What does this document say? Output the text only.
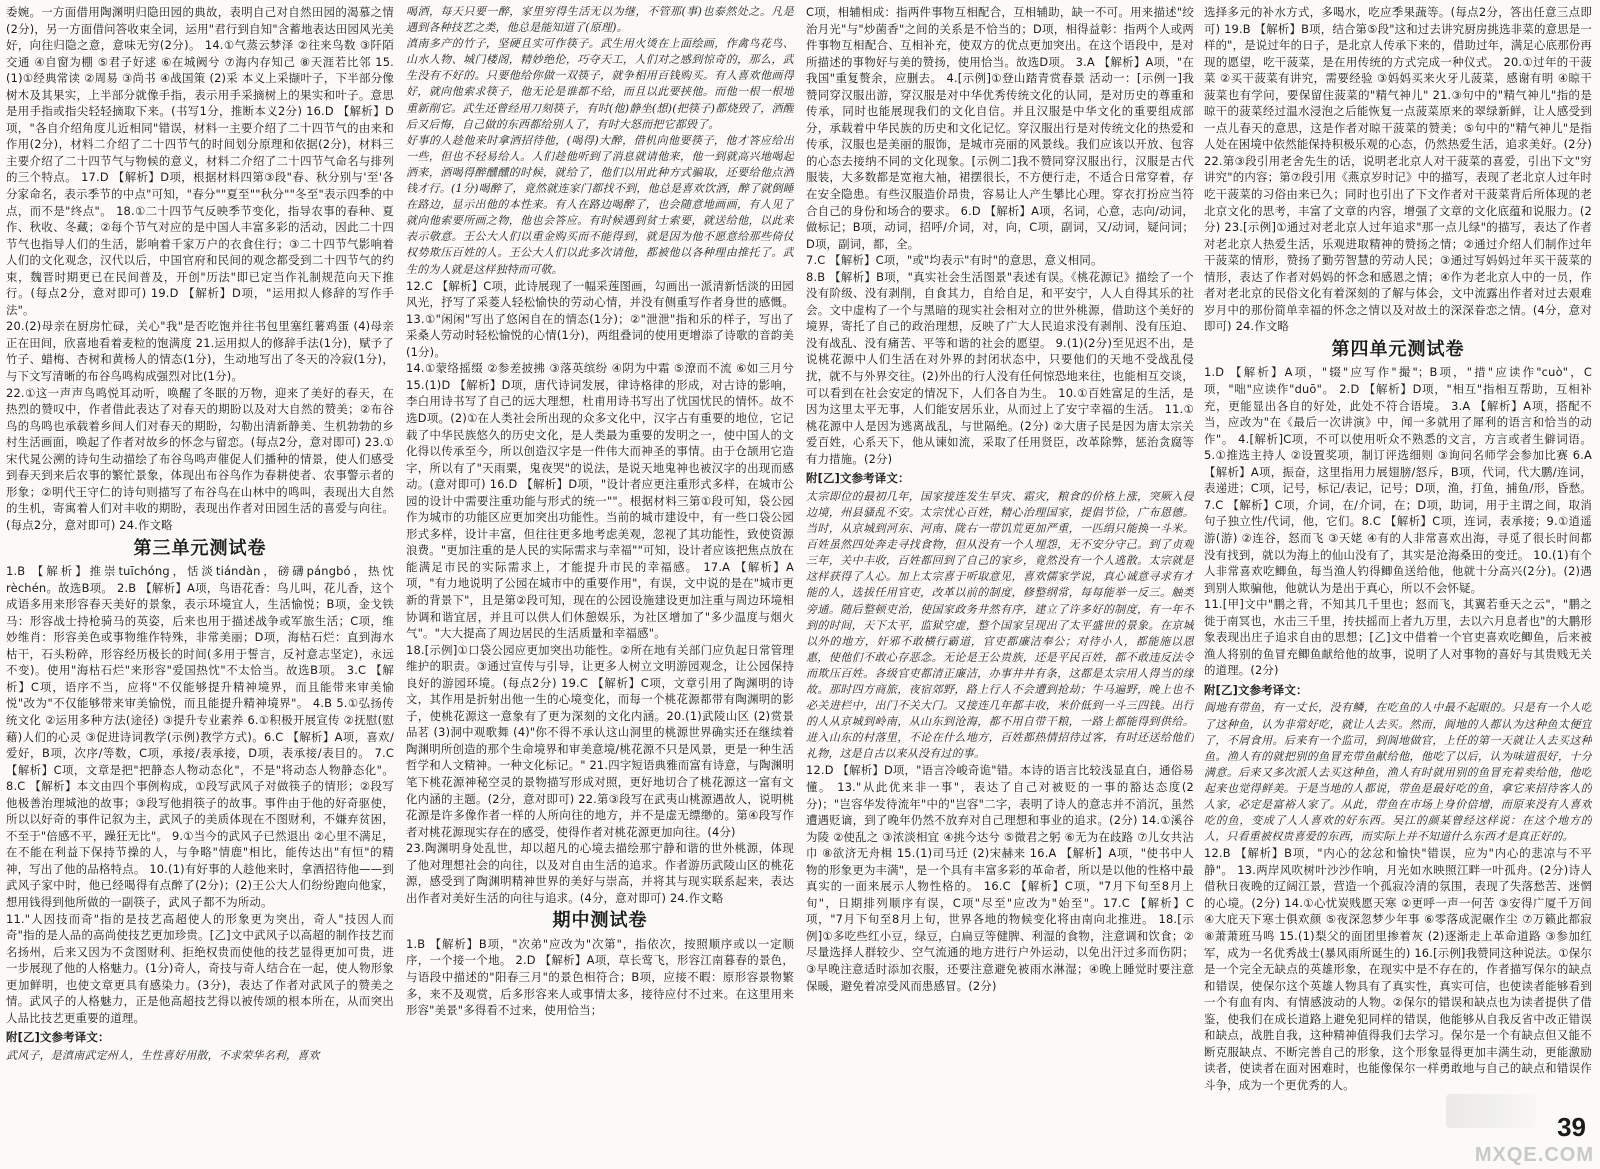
委婉。一方面借用陶渊明归隐田园的典故，表明自己对自然田园的渴慕之情(2分)，另一方面借问答收束全词，运用"君行到自知"含蓄地表达田园风光美好，向往归隐之意，意味无穷(2分)。 14.①气蒸云梦泽 ②往来鸟数 ③阡陌交通 ④自窗为棚 ⑤君子好逑 ⑥在城阙兮 ⑦海内存知己 ⑧天涯若比邻 15.(1)①经典常读 ②周易 ③尚书 ④战国策 (2)采 本义上采撷叶子，下半部分像树木及其果实，上半部分就像手指，表示用手采摘树上的果实和叶子。意思是用手指或指尖轻轻摘取下来。(书写1分，推断本义2分) 16.D 【解析】D项，"各自介绍角度儿近相同"错误，材料一主要介绍了二十四节气的由来和作用(2分)，材料二介绍了二十四节气的时间划分原理和依据(2分)，材料三主要介绍了二十四节气与物候的意义，材料二介绍了二十四节气命名与排列的三个特点。 17.D 【解析】D项，根据材料四第③段"春、秋分别与'至'各分家命名，表示季节的中点"可知，"春分""夏至""秋分""冬至"表示四季的中点，而不是"终点"。 18.①二十四节气反映季节变化，指导农事的春种、夏作、秋收、冬藏；②每个节气对应的是中国人丰富多彩的活动，因此二十四节气也指导人们的生活，影响着千家万户的衣食住行；③二十四节气影响着人们的文化观念，汉代以后，中国官府和民间的观念都受到二十四节气的约束，魏晋时期更已在民间普及，开创"历法"即已定当作礼制规范向天下推行。(每点2分，意对即可) 19.D 【解析】D项，"运用拟人修辞的写作手法"。

20.(2)母亲在厨房忙碌，关心"我"是否吃饱并往书包里塞红薯鸡蛋 (4)母亲正在田间，欣喜地看着麦粒的饱满度 21.运用拟人的修辞手法(1分)，赋予了竹子、蜡梅、杏树和黄杨人的情态(1分)，生动地写出了冬天的冷寂(1分)，与下文写清晰的布谷鸟鸣构成强烈对比(1分)。

22.①这一声声鸟鸣悦耳动听，唤醒了冬眠的万物，迎来了美好的春天，在热烈的赞叹中，作者借此表达了对春天的期盼以及对大自然的赞美；②布谷鸟的鸟鸣也承载着乡间人们对春天的期盼，勾勒出清新静美、生机勃勃的乡村生活画面，唤起了作者对故乡的怀念与留恋。(每点2分，意对即可) 23.①宋代晁公溯的诗句生动描绘了布谷鸟鸣声催促人们播种的情景，使人们感受到春天到来后农事的繁忙景象，体现出布谷鸟作为春耕使者、农事警示者的形象；②明代王守仁的诗句则描写了布谷鸟在山林中的鸣叫，表现出大自然的生机，寄寓着人们对丰收的期盼，表现出作者对田园生活的喜爱与向往。(每点2分，意对即可) 24.作文略

第三单元测试卷

1.B 【解析】推崇tuīchóng，恬淡tiándàn，磅礴pángbó，热忱rèchén。故选B项。 2.B 【解析】A项，鸟语花香：鸟儿叫，花儿香，这个成语多用来形容春天美好的景象，表示环境宜人，生活愉悦；B项，金戈铁马：形容战士持枪骑马的英姿，后来也用于描述战争或军旅生活；C项，维妙维肖：形容美色或事物维作特殊，非常美丽；D项，海枯石烂：直到海水枯干，石头粉碎，形容经历极长的时间(多用于誓言，反衬意志坚定)，永远不变)。使用"海枯石烂"来形容"爱国热忱"不太恰当。故选B项。 3.C 【解析】C项，语序不当，应将"不仅能够提升精神境界，而且能带来审美愉悦"改为"不仅能够带来审美愉悦，而且能提升精神境界"。 4.B 5.①弘扬传统文化 ②运用多种方法(途径) ③提升专业素养 6.①积极开展宣传 ②抚慰(慰藉)人们的心灵 ③促进诗词教学(示例)教学方式)。6.C 【解析】A项，喜欢/爱好，B项，次序/等数，C项，承接/表承接，D项，表承接/表目的。 7.C 【解析】C项，文章是把"把静态人物动态化"，不是"将动态人物静态化"。 8.C 【解析】本文由四个事例构成，①段写武风子对做筷子的情形；②段写他极善治理城池的故事；③段写他捐筷子的故事。事件由于他的好奇驱使，所以以好奇的事件记叙为主，武风子的美质体现在不图财利，不嫌弃贫困，不至于"倍感不平，躁狂无比"。 9.①当今的武风子已然退出 ②心里不满足，在不能在利益下保持节操的人，与争略"情鹿"相比，能传达出"有恒"的精神，写出了他的品格特点。 10.(1)有好事的人趁他来时，拿酒招待他——到武风子家中时，他已经喝得有点醉了(2分)；(2)王公大人们纷纷跑向他家，想用钱得到他所做的一副筷子，武风子都不为所动。

11."人因技而奇"指的是技艺高超使人的形象更为突出，奇人"技因人而奇"指的是人品的高尚使技艺更加珍贵。[乙]文中武风子以高超的制作技艺而名扬州，后来又因为不贪图财利、拒绝权贵而使他的技艺显得更加可贵，进一步展现了他的人格魅力。(1分)奇人，奇技与奇人结合在一起，使人物形象更加鲜明，也使文章更具有感染力。(3分)，表达了作者对武风子的赞美之情。武风子的人格魅力，正是他高超技艺得以被传颂的根本所在，从而突出人品比技艺更重要的道理。

附[乙]文参考译文：

武风子，是滇南武定州人，生性喜好用散，不求荣华名利，喜欢

喝酒，每天只要一醉，家里穷得生活无以为继，不管那(事)也泰然处之。凡是遇到各种技艺之类，他总是能知道了(原理)。

滇南多产的竹子，坚硬且实可作筷子。武生用火烫在上面绘画，作禽鸟花鸟、山水人物、城门楼阁，精妙绝伦，巧夺天工，人们对之感到惊奇的，那么，武生没有不好的。只要他给你做一双筷子，就争相用百钱购买。有人喜欢他画得好，就向他索求筷子，他无论是谁都不给，而且以此要挟他。而他一根一根地重新削它。武生还曾经用刀刻筷子，有时(他)静坐(想)(把筷子)都烧毁了，酒醒后又后悔，自己做的东西都给别人了，有时大怒而把它都毁了。

好事的人趁他来时拿酒招待他，(喝得)大醉，借机向他要筷子，他才答应给出一些，但也不轻易给人。人们趁他听到了消息就请他来，他一到就高兴地喝起酒来，酒喝得醉醺醺的时候，就给了，他们以用此种方式骗取，还要给他点酒钱才行。(1分)喝醉了，竟然就连家门都找不到，他总是喜欢饮酒，醉了就倒睡在路边，显示出他的本性来。有人在路边喝醉了，也会随意地画画，有人见了就向他索要所画之物，他也会答应。有时候遇到贫士索要，就送给他，以此来表示敬意。王公大人们以重金购买而不能得到，就是因为他不愿意给那些倚仗权势欺压百姓的人。王公大人们以此多次请他，都被他以各种理由推托了。武生的为人就是这样独特而可敬。

12.C 【解析】C项，此诗展现了一幅采莲图画，勾画出一派清新恬淡的田园风光，抒写了采菱人轻松愉快的劳动心情，并没有侧重写作者身世的感慨。 13.①"闲闲"写出了悠闲自在的情态(1分)；②"泄泄"指和乐的样子，写出了采桑人劳动时轻松愉悦的心情(1分)，两组叠词的使用更增添了诗歌的音韵美(1分)。

14.①蒙络摇缀 ②参差披拂 ③落英缤纷 ④阴为中霜 ⑤潦而不流 ⑥如三月兮 15.(1)D 【解析】D项，唐代诗词发展，律诗格律的形成，对古诗的影响，李白用诗书写了自己的远大理想，杜甫用诗书写出了忧国忧民的情怀。故不选D项。(2)①在人类社会所出现的众多文化中，汉字占有重要的地位，它记载了中华民族悠久的历史文化，是人类最为重要的发明之一，使中国人的文化得以传承至今，所以创造汉字是一件伟大而神圣的事情。由于仓颉用它造字，所以有了"天雨粟，鬼夜哭"的说法，是说天地鬼神也被汉字的出现而感动。(意对即可) 16.D 【解析】D项，"设计者应更注重形式多样，在城市公园的设计中需要注重功能与形式的统一""。根据材料三第①段可知，袋公园作为城市的功能区应更加突出功能性。当前的城市建设中，有一些口袋公园形式多样，设计丰富，但往往更多地考虑美观，忽视了其功能性，致使资源浪费。"更加注重的是人民的实际需求与幸福""可知，设计者应该把焦点放在能满足市民的实际需求上，才能提升市民的幸福感。 17.A 【解析】A项，"有力地说明了公园在城市中的重要作用"，有误，文中说的是在"城市更新的背景下"，且是第②段可知，现在的公园设施建设更加注重与周边环境相协调和谐宜居，并且可以供人们休憩娱乐，为社区增加了"多少温度与烟火气"。"大大提高了周边居民的生活质量和幸福感"。

18.[示例]①口袋公园应更加突出功能性。②所在地有关部门应负起日常管理维护的职责。③通过宣传与引导，让更多人树立文明游园观念，让公园保持良好的游园环境。(每点2分) 19.C 【解析】C项，文章引用了陶渊明的诗文，其作用是折射出他一生的心境变化，而每一个桃花源都带有陶渊明的影子，使桃花源这一意象有了更为深刻的文化内涵。20.(1)武陵山区 (2)赏景品茗 (3)洞中观歌舞 (4)"你不得不承认这山洞里的桃源世界确实还在继续着陶渊明所创造的那个生命境界和审美意境/桃花源不只是风景，更是一种生活哲学和人文精神。一种文化标记。" 21.四字短语典雅而富有诗意，与陶渊明笔下桃花源神秘空灵的景物描写形成对照，更好地切合了桃花源这一富有文化内涵的主题。(2分，意对即可) 22.第③段写在武夷山桃源遇故人，说明桃花源是许多像作者一样的人所向往的地方，并不是虚无缥缈的。第④段写作者对桃花源现实存在的感受，使得作者对桃花源更加向往。(4分)

23.陶渊明身处乱世，却以超凡的心境去描绘那宁静和谐的世外桃源，体现了他对理想社会的向往，以及对自由生活的追求。作者游历武陵山区的桃花源，感受到了陶渊明精神世界的美好与崇高，并将其与现实联系起来，表达出作者对美好生活的向往与追求。(4分，意对即可) 24.作文略

期中测试卷

1.B 【解析】B项，"次弟"应改为"次第"，指依次，按照顺序或以一定顺序，一个接一个地。 2.D 【解析】A项，草长莺飞，形容江南暮春的景色，与语段中描述的"阳春三月"的景色相符合；B项，应接不暇：原形容景物繁多，来不及观赏，后多形容来人或事情太多，接待应付不过来。在这里用来形容"美景"多得看不过来，使用恰当；

C项，相辅相成：指两件事物互相配合，互相辅助，缺一不可。用来描述"绞治月光"与"炒菌香"之间的关系是不恰当的；D项，相得益彰：指两个人或两件事物互相配合、互相补充，使双方的优点更加突出。在这个语段中，是对所描述的事物好与美的赞扬，使用恰当。故选D项。 3.A 【解析】A项，"在我国"重复赘余，应删去。 4.[示例]①登山踏青赏春景 活动一：[示例一]我赞同穿汉服出游，穿汉服是对中华优秀传统文化的认同，是对历史的尊重和传承，同时也能展现我们的文化自信。并且汉服是中华文化的重要组成部分，承载着中华民族的历史和文化记忆。穿汉服出行是对传统文化的热爱和传承，汉服也是美丽的服饰，是城市亮丽的风景线。我们应该以开放、包容的心态去接纳不同的文化现象。[示例二]我不赞同穿汉服出行，汉服是古代服装，大多数都是宽袍大袖，裙摆很长，不方便行走，不适合日常穿着，存在安全隐患。有些汉服造价昂贵，容易让人产生攀比心理。穿衣打扮应当符合自己的身份和场合的要求。 6.D 【解析】A项，名词，心意，志向/动词，做标记；B项，动词，招呼/介词，对，向，C项，副词，又/动词，疑问词；D项，副词，都，全。

7.C 【解析】C项，"或"均表示"有时"的意思，意义相同。

8.B 【解析】B项，"真实社会生活图景"表述有误。《桃花源记》描绘了一个没有阶级、没有剥削，自食其力，自给自足，和平安宁，人人自得其乐的社会。文中虚构了一个与黑暗的现实社会相对立的世外桃源，借助这个美好的境界，寄托了自己的政治理想，反映了广大人民追求没有剥削、没有压迫、没有战乱、没有痛苦、平等和谐的社会的愿望。 9.(1)(2分)至见迟不出，是说桃花源中人们生活在对外界的封闭状态中，只要他们的天地不受战乱侵扰，就不与外界交往。(2)外出的行人没有任何惊恐地来往，也能相互交谈，可以看到在社会安定的情况下，人们各自为生。 10.①百姓富足的生活，是因为这里太平无事，人们能安居乐业，从而过上了安宁幸福的生活。 11.①桃花源中人是因为逃离战乱，与世隔绝。(2分) ②大唐子民是因为唐太宗关爱百姓，心系天下，他从谏如流，采取了任用贤臣，改革除弊，惩治贪腐等有力措施。(2分)

附[乙]文参考译文：

太宗即位的最初几年，国家接连发生旱灾、霜灾，粮食的价格上涨，突厥入侵边境，州县骚乱不安。太宗忧心百姓，精心治理国家，提倡节俭，广布恩德。当时，从京城到河东、河南、陇右一带饥荒更加严重，一匹绢只能换一斗米。百姓虽然四处奔走寻找食物，但从没有一个人埋怨，无不安分守己。到了贞观三年，关中丰收，百姓都回到了自己的家乡，竟然没有一个人逃散。太宗就是这样获得了人心。加上太宗喜于听取意见，喜欢儒家学说，真心诚意寻求有才能的人，选拔任用官吏，改革以前的制度，修整纲常，每每能举一反三。触类旁通。随后整顿吏治，使国家政务井然有序，建立了许多好的制度，有一年不到的时间，天下太平，监狱空虚，整个国家呈现出了太平盛世的景象。在京城以外的地方，奸邪不敢横行霸道，官吏都廉洁奉公；对待小人，都能施以恩惠，使他们不敢心存恶念。无论是王公贵族，还是平民百姓，都不敢违反法令而欺压百姓。各级官吏都清正廉洁，办事井井有条，这都是太宗用人得当的缘故。那时四方商旅，夜宿郊野，路上行人不会遭到抢劫；牛马遍野，晚上也不必关进栏中，出门不关大门。又接连几年都丰收，米价低到一斗三四钱。出行的人从京城到岭南，从山东到沧海，都不用自带干粮，一路上都能得到供给。进入山东的村落里，不论在什么地方，百姓都热情招待过客，有时还送给他们礼物，这是自古以来从没有过的事。

12.D 【解析】D项，"语言冷峻奇诡"错。本诗的语言比较浅显直白，通俗易懂。 13."从此优来非一事"，表达了自己对被贬的一事的豁达态度(2分)；"岂容华发待流年"中的"岂容"二字，表明了诗人的意志并不消沉，虽然遭遇贬谪，到了晚年仍然不放弃对自己理想和事业的追求。(2分) 14.①溪谷为陵 ②使乱之 ③浓淡相宜 ④挑今达兮 ⑤微君之躬 ⑥无为在歧路 ⑦儿女共沾巾 ⑧欲济无舟楫 15.(1)司马迁 (2)宋赫来 16.A 【解析】A项，"使书中人物的形象更为丰满"，是一个具有丰富多彩的革命者，所以是以他的性格中最真实的一面来展示人物性格的。 16.C 【解析】C项，"7月下旬至8月上旬"，日期排列顺序有误，C项"尽至"应改为"始至"。17.C 【解析】C项，"7月下旬至8月上旬，世界各地的物候变化将由南向北推进。 18.[示例]①多吃些红小豆，绿豆，白扁豆等健脾、利湿的食物，注意调和饮食；②尽量选择人群较少、空气流通的地方进行户外运动，以免出汗过多而伤阴；③早晚注意适时添加衣服，还要注意避免被雨水淋湿；④晚上睡觉时要注意保暖，避免着凉受风而患感冒。(2分)

选择多元的补水方式，多喝水，吃应季果蔬等。(每点2分，答出任意三点即可) 19.B 【解析】B项，结合第⑤段"这和过去讲究厨房挑选非菜的意思是一样的"，是说过年的日子，是北京人传承下来的，借助过年，满足心底那份再现的愿望，吃干菠菜，是在用传统的方式完成一种仪式。 20.①过年的干菠菜 ②买干菠菜有讲究，需要经验 ③妈妈买来火牙儿菠菜，感谢有明 ④晾干菠菜也有学问，要保留住菠菜的"精气神儿" 21.③句中的"精气神儿"指的是晾干的菠菜经过温水浸泡之后能恢复一点菠菜原来的翠绿新鲜，让人感受到一点儿春天的意思，这是作者对晾干菠菜的赞美；⑤句中的"精气神儿"是指人处在困境中依然能保持积极乐观的心态，仍然热爱生活，追求美好。(2分) 22.第③段引用老舍先生的话，说明老北京人对干菠菜的喜爱，引出下文"穷讲究"的内容；第⑦段引用《燕京岁时记》中的描写，表现了老北京人过年时吃干菠菜的习俗由来已久；同时也引出了下文作者对干菠菜背后所体现的老北京文化的思考，丰富了文章的内容，增强了文章的文化底蕴和说服力。(2分) 23.[示例]①通过对老北京人过年追求"那一点儿绿"的描写，表达了作者对老北京人热爱生活，乐观进取精神的赞扬之情；②通过介绍人们制作过年干菠菜的情形，赞扬了勤劳智慧的劳动人民；③通过写妈妈过年买干菠菜的情形，表达了作者对妈妈的怀念和感恩之情；④作为老北京人中的一员，作者对老北京的民俗文化有着深刻的了解与体会，文中流露出作者对过去艰难岁月中的那份简单幸福的怀念之情以及对故土的深深眷恋之情。(4分，意对即可) 24.作文略

第四单元测试卷

1.D 【解析】A项，"辍"应写作"撮"；B项，"措"应读作"cuò"，C项，"咄"应读作"duō"。 2.D 【解析】D项，"相互"指相互帮助，互相补充，更能显出各自的好处，此处不符合语境。 3.A 【解析】A项，搭配不当，应改为"在《最后一次讲演》中，闻一多就用了犀利的语言和恰当的动作"。 4.[解析]C项，不可以使用听众不熟悉的文言，方言或者生僻词语。 5.①推选主持人 ②设置奖项，制订评选细则 ③询问名师学会参加比赛 6.A 【解析】A项，振奋，这里指用力展翅膀/怒斥，B项，代词，代大鹏/连词，表递进；C项，记号，标记/表记，记号；D项，渔，打鱼，捕鱼/形，昏愁。7.C 【解析】C项，介词，在/介词，在；D项，助词，用于主谓之间，取消句子独立性/代词，他，它们。8.C 【解析】C项，连词，表承接；9.①逍遥游(游) ②连谷，怒而飞 ③天姥 ④有的人非常喜欢出海，寻觅了很长时间都没有找到，就以为海上的仙山没有了，其实是沧海桑田的变迁。 10.(1)有个人非常喜欢吃鲫鱼，每当渔人钓得鲫鱼送给他，他就十分高兴(2分)。(2)遇到别人欺骗他，他就认为是出于真心，所以不会怀疑。

11.[甲]文中"鹏之背，不知其几千里也；怒而飞，其翼若垂天之云"，"鹏之徙于南冥也，水击三千里，抟扶摇而上者九万里，去以六月息者也"的大鹏形象表现出庄子追求自由的思想；[乙]文中借着一个官吏喜欢吃鲫鱼，后来被渔人将别的鱼冒充鲫鱼献给他的故事，说明了人对事物的喜好与其贵贱无关的道理。(2分)

附[乙]文参考译文：

阆地有带鱼，有一丈长，没有鳞，在吃鱼的人中最不起眼的。只是有一个人吃了这种鱼，认为非常好吃，就让人去买。然而，阆地的人都认为这种鱼太便宜了，不屑食用。后来有一个监司，到阆地做官，上任的第一天就让人去买这种鱼。渔人有的就把别的鱼冒充带鱼献给他，他吃了以后，认为味道很好，十分满意。后来又多次派人去买这种鱼，渔人有时就用别的鱼冒充着卖给他，他吃起来也觉得鲜美。于是当地的人都说，带鱼是最好吃的鱼，拿它来招待客人的人家，必定是富裕人家了。从此，带鱼在市场上身价倍增，而原来没有人喜欢吃的鱼，变成了人人喜欢的好东西。吴江的颜某曾经这样说：在这个地方的人，只看重被权贵喜爱的东西，而实际上并不知道什么东西才是真正好的。

12.B 【解析】B项，"内心的忿忿和愉快"错误，应为"内心的悲凉与不平静"。 13.两岸风吹树叶沙沙作响，月光如水映照江畔一叶孤舟。(2分)诗人借秋日夜晚的辽阔江景，营造一个孤寂冷清的氛围，表现了失落愁苦、迷惘的心境。(2分) 14.①心忧炭贱愿天寒 ②更呼一声一何苦 ③安得广厦千万间 ④大庇天下寒士俱欢颜 ⑤夜深忽梦少年事 ⑥零落成泥碾作尘 ⑦万籁此都寂 ⑧萧萧班马鸣 15.(1)梨父的面团里掺着灰 (2)逐渐走上革命道路 ③参加红军，成为一名优秀战士(暴风雨所诞生的) 16.[示例]我赞同这种说法。①保尔是一个完全无缺点的英雄形象，在现实中是不存在的，作者描写保尔的缺点和错误，使保尔这个英雄人物具有了真实性，真实可信，也使读者能够看到一个有血有肉、有情感波动的人物。②保尔的错误和缺点也为读者提供了借鉴，使我们在成长道路上避免犯同样的错误，他能够从自我反省中改正错误和缺点，战胜自我，这种精神值得我们去学习。保尔是一个有缺点但又能不断克服缺点、不断完善自己的形象，这个形象显得更加丰满生动，更能激励读者，使读者在面对困难时，也能像保尔一样勇敢地与自己的缺点和错误作斗争，成为一个更优秀的人。

39
MXQE.COM
